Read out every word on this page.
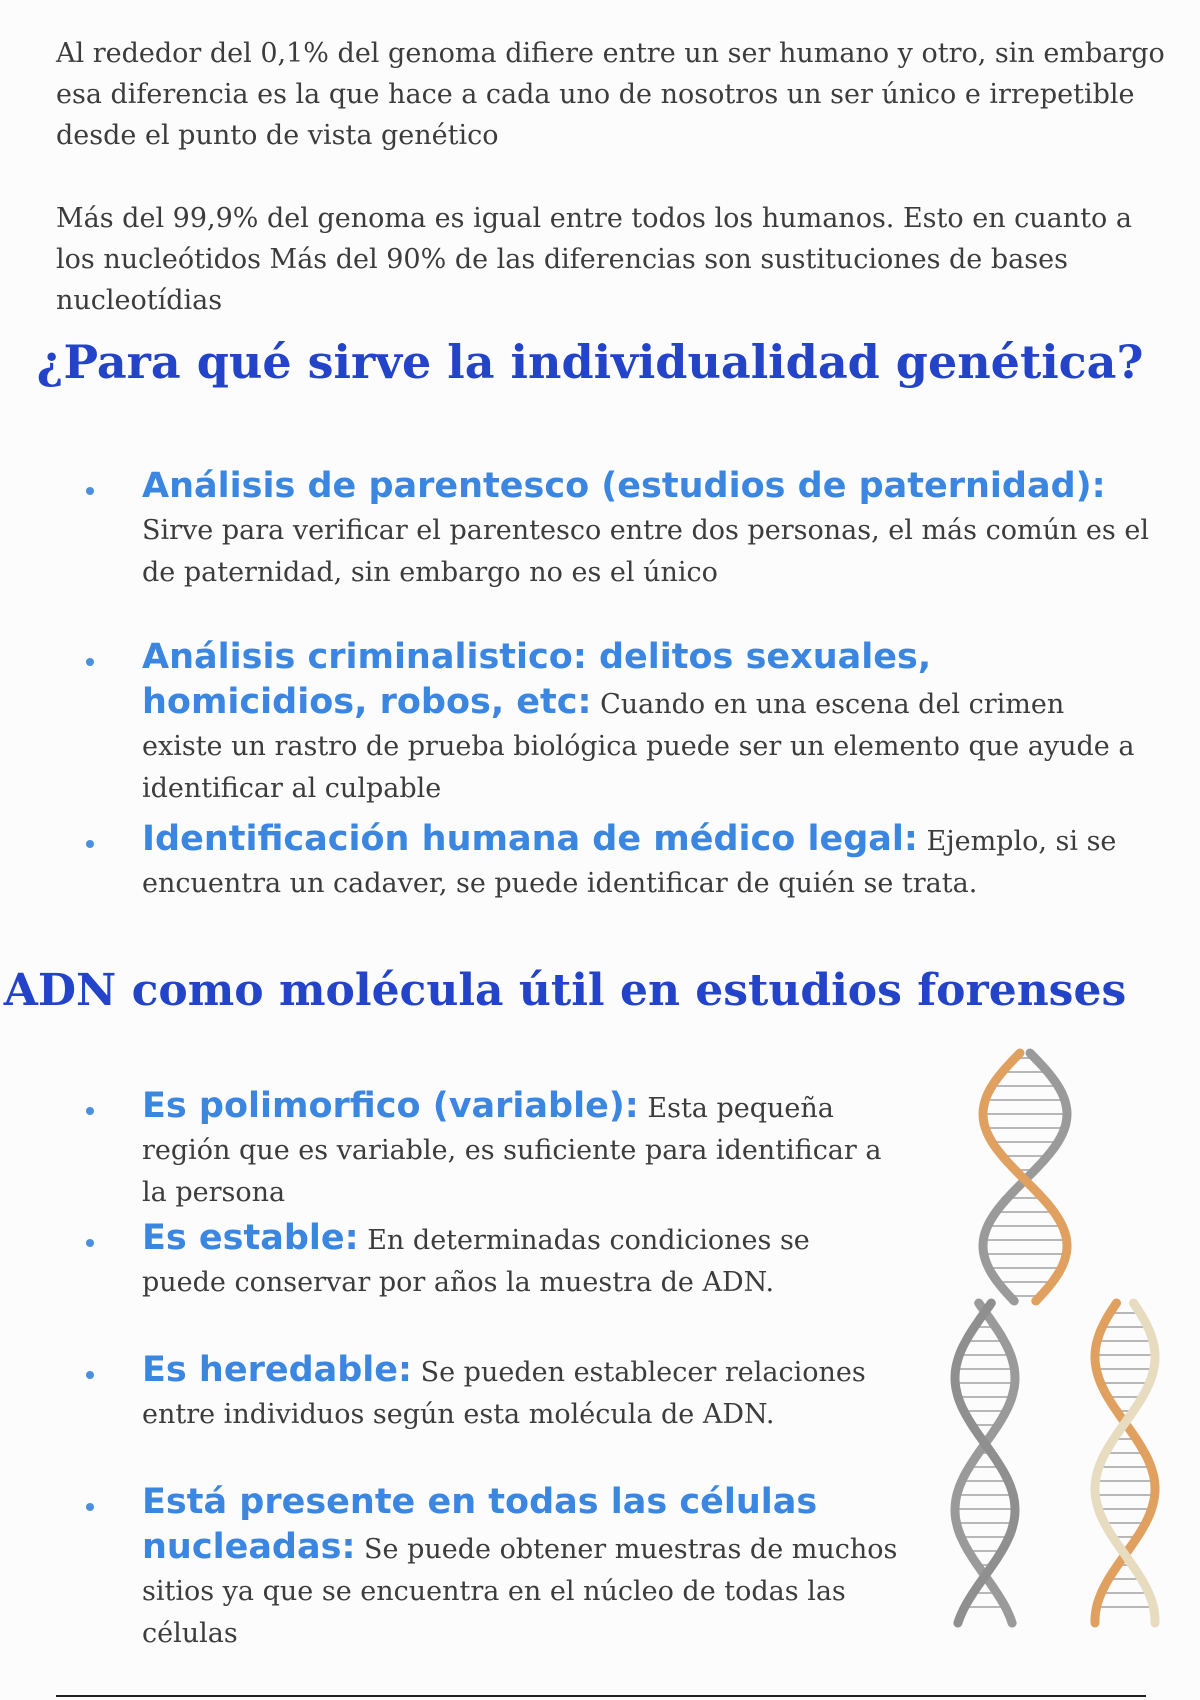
Al rededor del 0,1% del genoma difiere entre un ser humano y otro, sin embargo esa diferencia es la que hace a cada uno de nosotros un ser único e irrepetible desde el punto de vista genético

Más del 99,9% del genoma es igual entre todos los humanos. Esto en cuanto a los nucleótidos Más del 90% de las diferencias son sustituciones de bases nucleotídias

¿Para qué sirve la individualidad genética?
Análisis de parentesco (estudios de paternidad): Sirve para verificar el parentesco entre dos personas, el más común es el de paternidad, sin embargo no es el único
Análisis criminalistico: delitos sexuales, homicidios, robos, etc: Cuando en una escena del crimen existe un rastro de prueba biológica puede ser un elemento que ayude a identificar al culpable
Identificación humana de médico legal: Ejemplo, si se encuentra un cadaver, se puede identificar de quién se trata.
ADN como molécula útil en estudios forenses
Es polimorfico (variable): Esta pequeña región que es variable, es suficiente para identificar a la persona
Es estable: En determinadas condiciones se puede conservar por años la muestra de ADN.
Es heredable: Se pueden establecer relaciones entre individuos según esta molécula de ADN.
Está presente en todas las células nucleadas: Se puede obtener muestras de muchos sitios ya que se encuentra en el núcleo de todas las células
